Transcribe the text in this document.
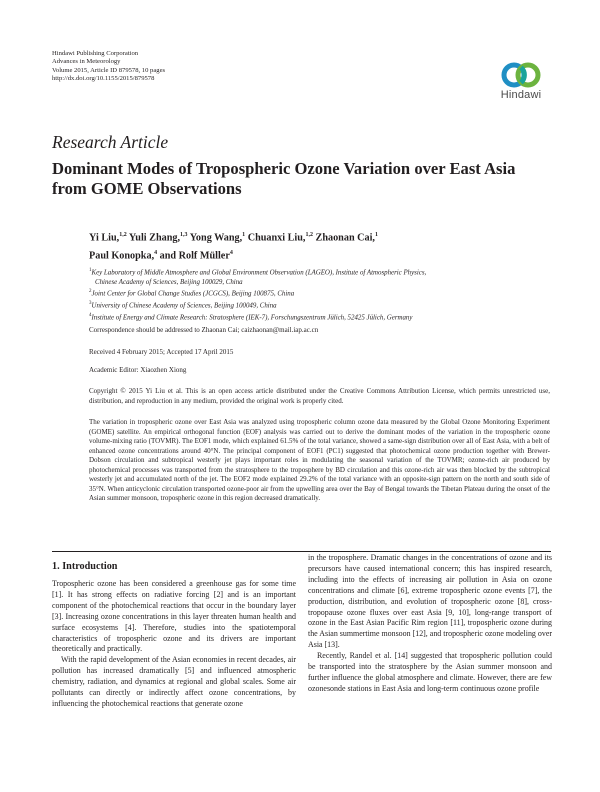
Hindawi Publishing Corporation
Advances in Meteorology
Volume 2015, Article ID 879578, 10 pages
http://dx.doi.org/10.1155/2015/879578
Hindawi
Research Article
Dominant Modes of Tropospheric Ozone Variation over East Asia from GOME Observations
Yi Liu,$^{1,2}$ Yuli Zhang,$^{1,3}$ Yong Wang,$^1$ Chuanxi Liu,$^{1,2}$ Zhaonan Cai,$^1$
Paul Konopka,$^4$ and Rolf Müller$^4$
$^1$Key Laboratory of Middle Atmosphere and Global Environment Observation (LAGEO), Institute of Atmospheric Physics,
Chinese Academy of Sciences, Beijing 100029, China
$^2$Joint Center for Global Change Studies (JCGCS), Beijing 100875, China
$^3$University of Chinese Academy of Sciences, Beijing 100049, China
$^4$Institute of Energy and Climate Research: Stratosphere (IEK-7), Forschungszentrum Jülich, 52425 Jülich, Germany
Correspondence should be addressed to Zhaonan Cai; caizhaonan@mail.iap.ac.cn
Received 4 February 2015; Accepted 17 April 2015
Academic Editor: Xiaozhen Xiong
Copyright © 2015 Yi Liu et al. This is an open access article distributed under the Creative Commons Attribution License, which permits unrestricted use, distribution, and reproduction in any medium, provided the original work is properly cited.
The variation in tropospheric ozone over East Asia was analyzed using tropospheric column ozone data measured by the Global Ozone Monitoring Experiment (GOME) satellite. An empirical orthogonal function (EOF) analysis was carried out to derive the dominant modes of the variation in the tropospheric ozone volume-mixing ratio (TOVMR). The EOF1 mode, which explained 61.5% of the total variance, showed a same-sign distribution over all of East Asia, with a belt of enhanced ozone concentrations around 40°N. The principal component of EOF1 (PC1) suggested that photochemical ozone production together with Brewer-Dobson circulation and subtropical westerly jet plays important roles in modulating the seasonal variation of the TOVMR; ozone-rich air produced by photochemical processes was transported from the stratosphere to the troposphere by BD circulation and this ozone-rich air was then blocked by the subtropical westerly jet and accumulated north of the jet. The EOF2 mode explained 29.2% of the total variance with an opposite-sign pattern on the north and south side of 35°N. When anticyclonic circulation transported ozone-poor air from the upwelling area over the Bay of Bengal towards the Tibetan Plateau during the onset of the Asian summer monsoon, tropospheric ozone in this region decreased dramatically.
1. Introduction

Tropospheric ozone has been considered a greenhouse gas for some time [1]. It has strong effects on radiative forcing [2] and is an important component of the photochemical reactions that occur in the boundary layer [3]. Increasing ozone concentrations in this layer threaten human health and surface ecosystems [4]. Therefore, studies into the spatiotemporal characteristics of tropospheric ozone and its drivers are important theoretically and practically.

With the rapid development of the Asian economies in recent decades, air pollution has increased dramatically [5] and influenced atmospheric chemistry, radiation, and dynamics at regional and global scales. Some air pollutants can directly or indirectly affect ozone concentrations, by influencing the photochemical reactions that generate ozone

in the troposphere. Dramatic changes in the concentrations of ozone and its precursors have caused international concern; this has inspired research, including into the effects of increasing air pollution in Asia on ozone concentrations and climate [6], extreme tropospheric ozone events [7], the production, distribution, and evolution of tropospheric ozone [8], cross-tropopause ozone fluxes over east Asia [9, 10], long-range transport of ozone in the East Asian Pacific Rim region [11], tropospheric ozone during the Asian summertime monsoon [12], and tropospheric ozone modeling over Asia [13].

Recently, Randel et al. [14] suggested that tropospheric pollution could be transported into the stratosphere by the Asian summer monsoon and further influence the global atmosphere and climate. However, there are few ozonesonde stations in East Asia and long-term continuous ozone profile
